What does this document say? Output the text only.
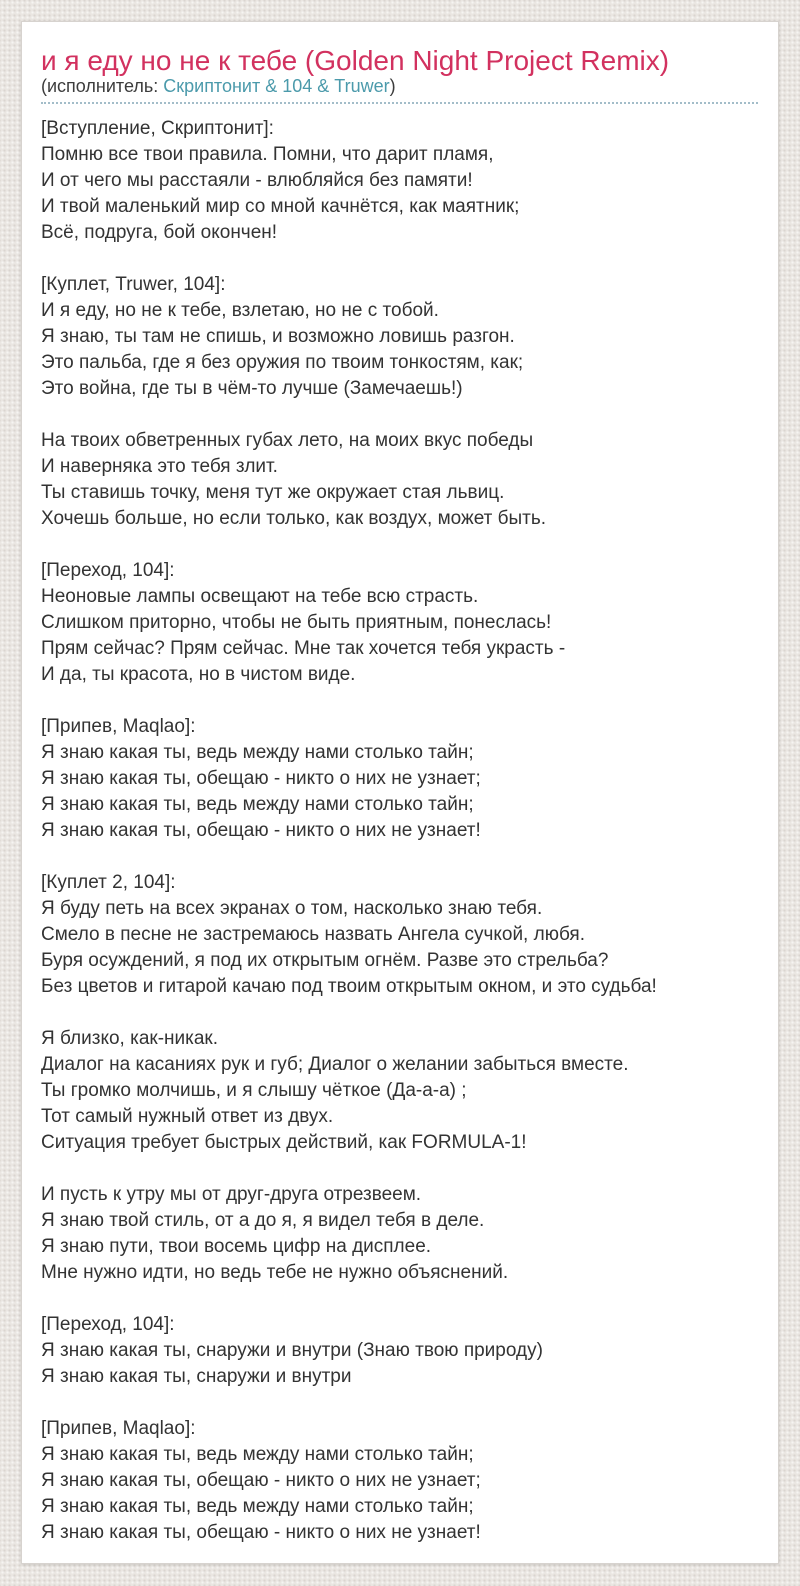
и я еду но не к тебе (Golden Night Project Remix)
(исполнитель: Скриптонит & 104 & Truwer)

[Вступление, Скриптонит]:
Помню все твои правила. Помни, что дарит пламя,
И от чего мы расстаяли - влюбляйся без памяти!
И твой маленький мир со мной качнётся, как маятник;
Всё, подруга, бой окончен!

[Куплет, Truwer, 104]:
И я еду, но не к тебе, взлетаю, но не с тобой.
Я знаю, ты там не спишь, и возможно ловишь разгон.
Это пальба, где я без оружия по твоим тонкостям, как;
Это война, где ты в чём-то лучше (Замечаешь!)

На твоих обветренных губах лето, на моих вкус победы
И наверняка это тебя злит.
Ты ставишь точку, меня тут же окружает стая львиц.
Хочешь больше, но если только, как воздух, может быть.

[Переход, 104]:
Неоновые лампы освещают на тебе всю страсть.
Слишком приторно, чтобы не быть приятным, понеслась!
Прям сейчас? Прям сейчас. Мне так хочется тебя украсть -
И да, ты красота, но в чистом виде.

[Припев, Maqlao]:
Я знаю какая ты, ведь между нами столько тайн;
Я знаю какая ты, обещаю - никто о них не узнает;
Я знаю какая ты, ведь между нами столько тайн;
Я знаю какая ты, обещаю - никто о них не узнает!

[Куплет 2, 104]:
Я буду петь на всех экранах о том, насколько знаю тебя.
Смело в песне не застремаюсь назвать Ангела сучкой, любя.
Буря осуждений, я под их открытым огнём. Разве это стрельба?
Без цветов и гитарой качаю под твоим открытым окном, и это судьба!

Я близко, как-никак.
Диалог на касаниях рук и губ; Диалог о желании забыться вместе.
Ты громко молчишь, и я слышу чёткое (Да-а-а) ;
Тот самый нужный ответ из двух.
Ситуация требует быстрых действий, как FORMULA-1!

И пусть к утру мы от друг-друга отрезвеем.
Я знаю твой стиль, от а до я, я видел тебя в деле.
Я знаю пути, твои восемь цифр на дисплее.
Мне нужно идти, но ведь тебе не нужно объяснений.

[Переход, 104]:
Я знаю какая ты, снаружи и внутри (Знаю твою природу)
Я знаю какая ты, снаружи и внутри

[Припев, Maqlao]:
Я знаю какая ты, ведь между нами столько тайн;
Я знаю какая ты, обещаю - никто о них не узнает;
Я знаю какая ты, ведь между нами столько тайн;
Я знаю какая ты, обещаю - никто о них не узнает!
